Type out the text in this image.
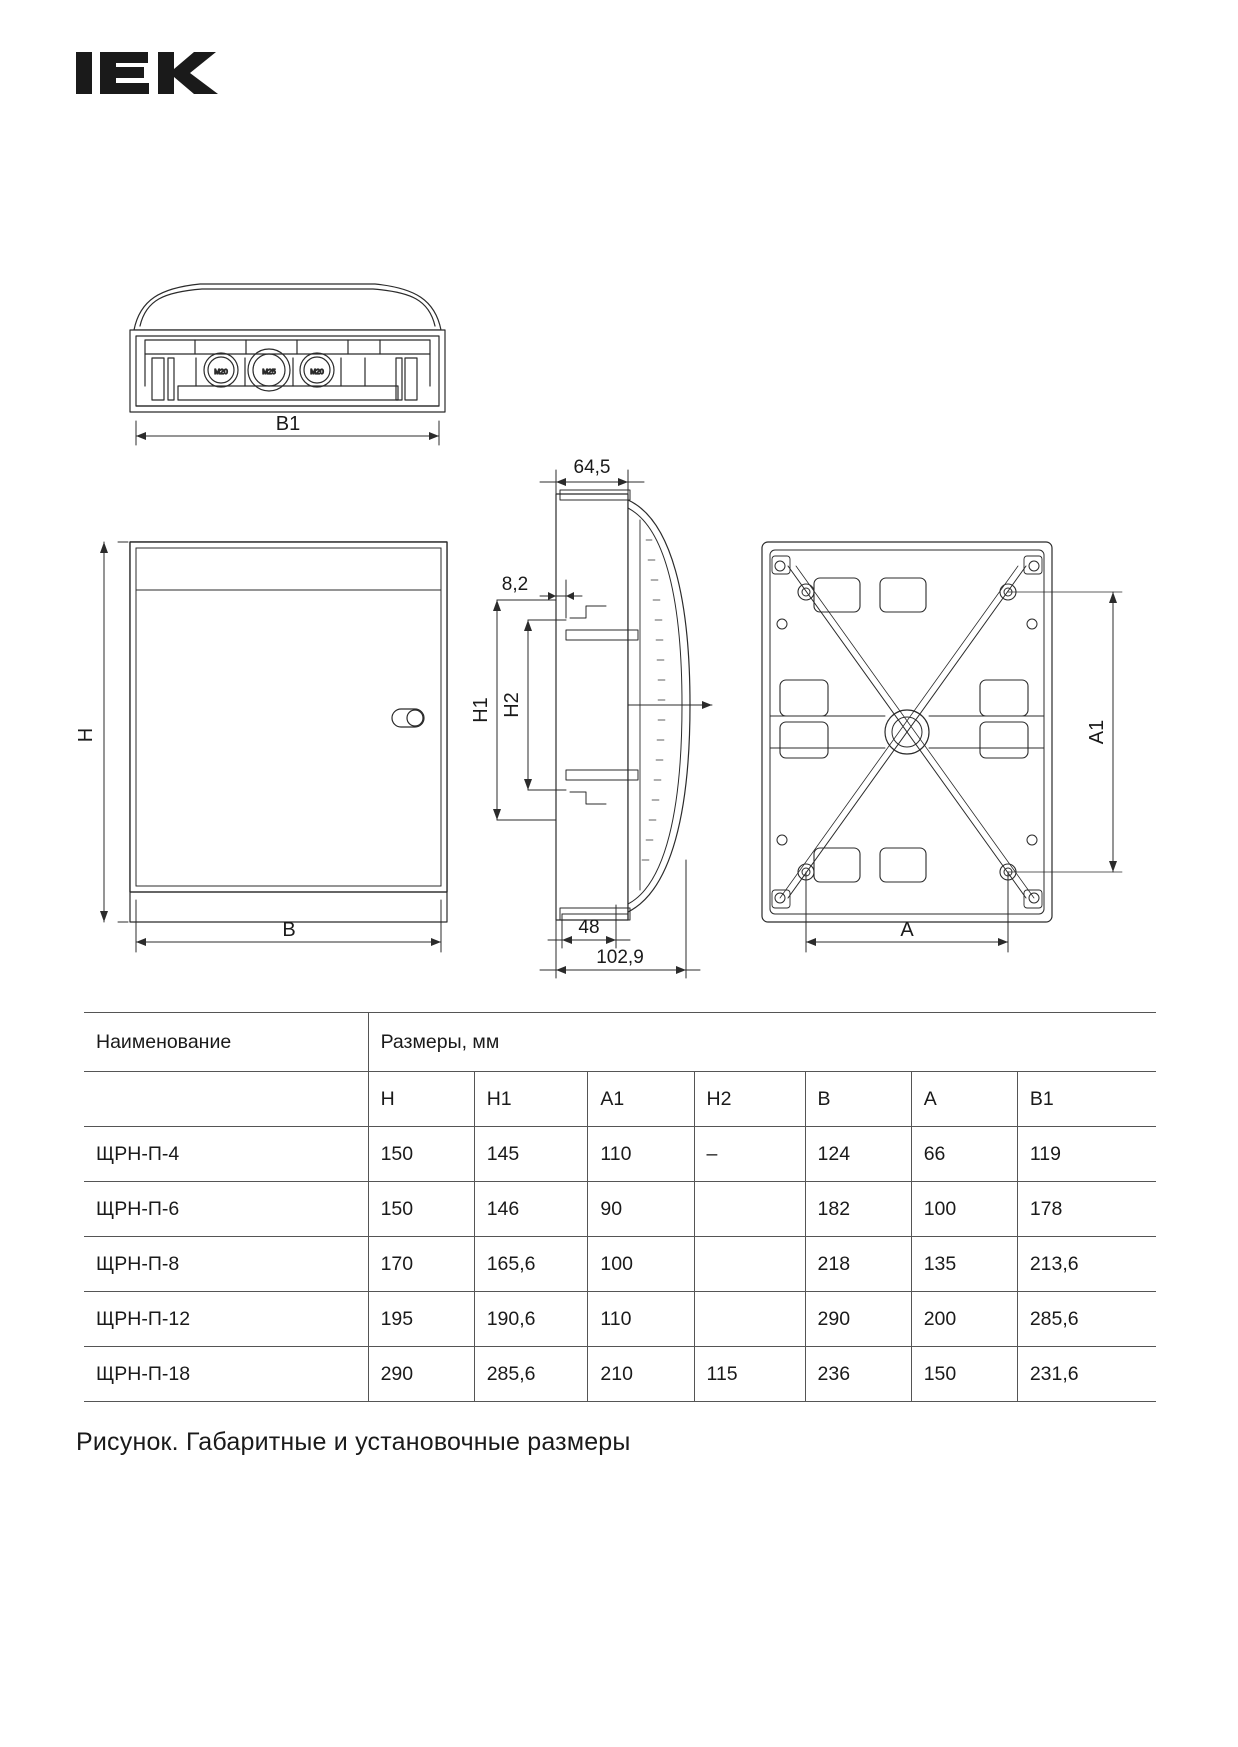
M20	M25	M20
B1
H
B
64,5
8,2
H1 H2
48
102,9
A1
A
Наименование	Размеры, мм						
	H	H1	A1	H2	B	A	B1
ЩРН-П-4	150	145	110	–	124	66	119
ЩРН-П-6	150	146	90		182	100	178
ЩРН-П-8	170	165,6	100		218	135	213,6
ЩРН-П-12	195	190,6	110		290	200	285,6
ЩРН-П-18	290	285,6	210	115	236	150	231,6
Рисунок. Габаритные и установочные размеры
